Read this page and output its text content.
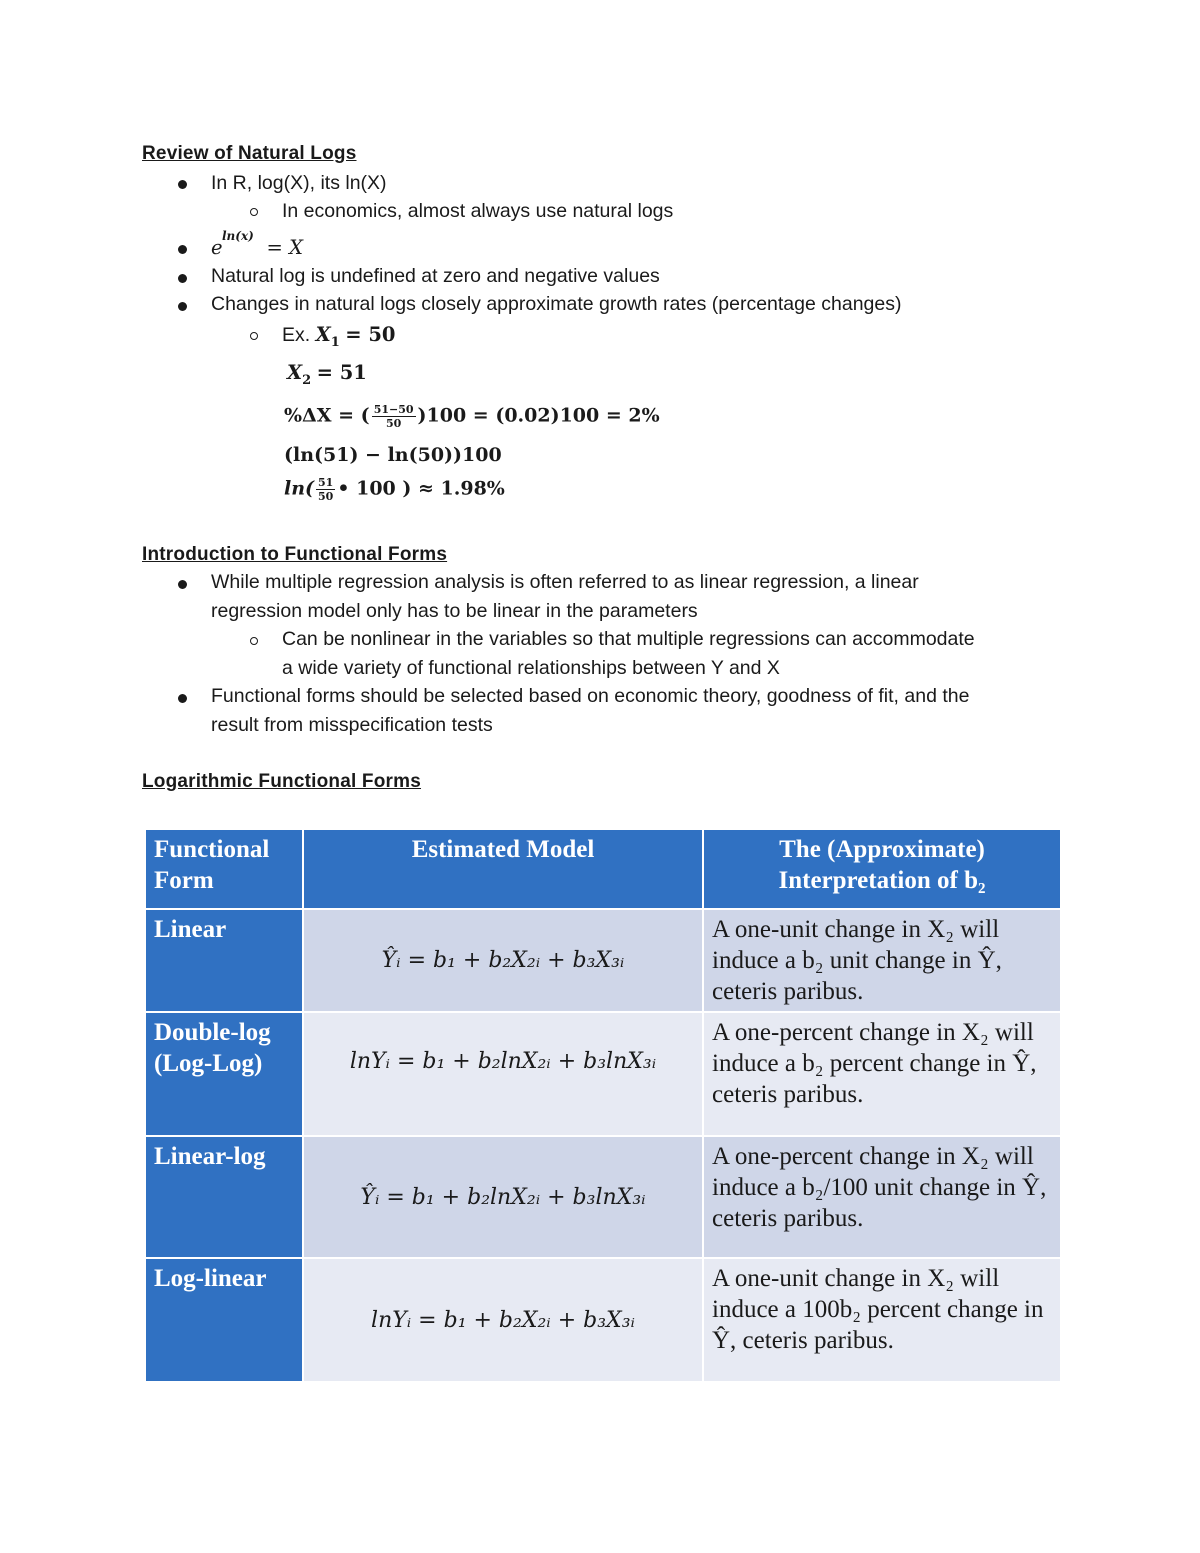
Review of Natural Logs
In R, log(X), its ln(X)
In economics, almost always use natural logs
e = X
ln(x)
Natural log is undefined at zero and negative values
Changes in natural logs closely approximate growth rates (percentage changes)
Ex. $X_1 = 50$
$X_2 = 51$
%ΔX = ( $\frac{51-50}{50} )100 = (0.02)100 = 2\%$
(ln(51) − ln(50))100
$\ln( \frac{51}{50}$ • 100 ) ≈ 1.98%
Introduction to Functional Forms
While multiple regression analysis is often referred to as linear regression, a linear
regression model only has to be linear in the parameters
Can be nonlinear in the variables so that multiple regressions can accommodate
a wide variety of functional relationships between Y and X
Functional forms should be selected based on economic theory, goodness of fit, and the
result from misspecification tests
Logarithmic Functional Forms
Functional Form	Estimated Model	The (Approximate)
Interpretation of b₂

Linear	Ŷᵢ = b₁ + b₂X₂ᵢ + b₃X₃ᵢ	A one-unit change in X₂ will induce a b₂ unit change in Ŷ, ceteris paribus.
Double-log (Log-Log)	lnYᵢ = b₁ + b₂lnX₂ᵢ + b₃lnX₃ᵢ	A one-percent change in X₂ will induce a b₂ percent change in Ŷ, ceteris paribus.
Linear-log	Ŷᵢ = b₁ + b₂lnX₂ᵢ + b₃lnX₃ᵢ	A one-percent change in X₂ will induce a b₂/100 unit change in Ŷ, ceteris paribus.
Log-linear	lnYᵢ = b₁ + b₂X₂ᵢ + b₃X₃ᵢ	A one-unit change in X₂ will induce a 100b₂ percent change in Ŷ, ceteris paribus.
